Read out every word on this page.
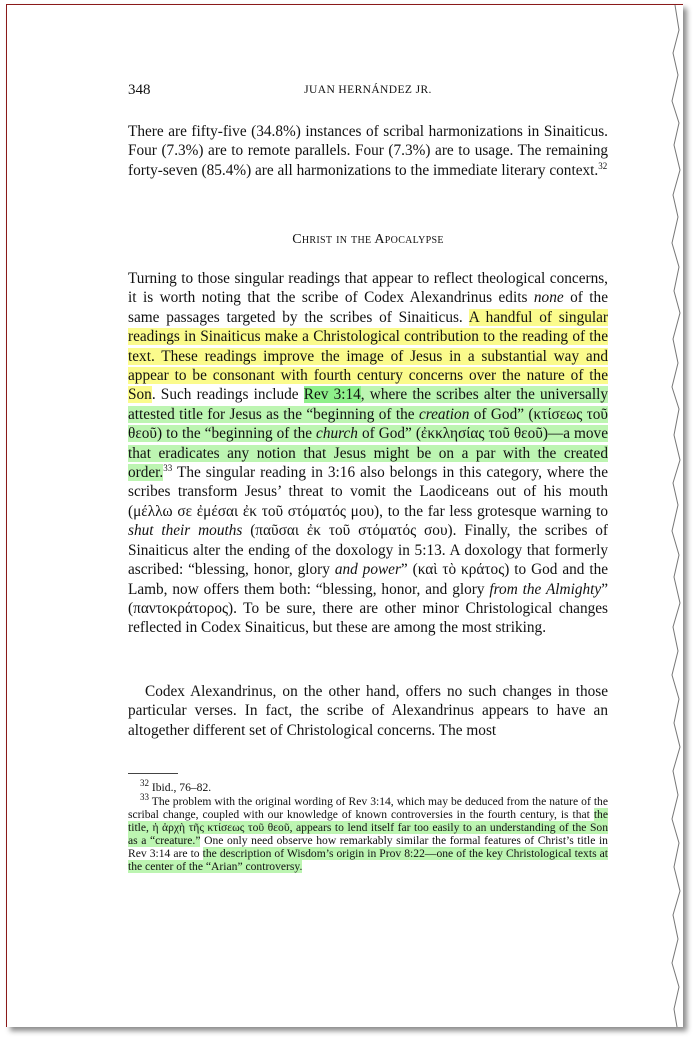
348	JUAN HERNÁNDEZ JR.

There are fifty-five (34.8%) instances of scribal harmonizations in Sinaiticus. Four (7.3%) are to remote parallels. Four (7.3%) are to usage. The remaining forty-seven (85.4%) are all harmonizations to the immediate literary context.$^{32}$

Christ in the Apocalypse

Turning to those singular readings that appear to reflect theological concerns, it is worth noting that the scribe of Codex Alexandrinus edits none of the same passages targeted by the scribes of Sinaiticus. A handful of singular readings in Sinaiticus make a Christological contribution to the reading of the text. These readings improve the image of Jesus in a substantial way and appear to be consonant with fourth century concerns over the nature of the Son. Such readings include Rev 3:14, where the scribes alter the universally attested title for Jesus as the “beginning of the creation of God” (κτίσεως τοῦ θεοῦ) to the “beginning of the church of God” (ἐκκλησίας τοῦ θεοῦ)—a move that eradicates any notion that Jesus might be on a par with the created order.$^{33}$ The singular reading in 3:16 also belongs in this category, where the scribes transform Jesus’ threat to vomit the Laodiceans out of his mouth (μέλλω σε ἐμέσαι ἐκ τοῦ στόματός μου), to the far less grotesque warning to shut their mouths (παῦσαι ἐκ τοῦ στόματός σου). Finally, the scribes of Sinaiticus alter the ending of the doxology in 5:13. A doxology that formerly ascribed: “blessing, honor, glory and power” (καὶ τὸ κράτος) to God and the Lamb, now offers them both: “blessing, honor, and glory from the Almighty” (παντοκράτορος). To be sure, there are other minor Christological changes reflected in Codex Sinaiticus, but these are among the most striking.

Codex Alexandrinus, on the other hand, offers no such changes in those particular verses. In fact, the scribe of Alexandrinus appears to have an altogether different set of Christological concerns. The most

$^{32}$ Ibid., 76–82.

$^{33}$ The problem with the original wording of Rev 3:14, which may be deduced from the nature of the scribal change, coupled with our knowledge of known controversies in the fourth century, is that the title, ἡ ἀρχὴ τῆς κτίσεως τοῦ θεοῦ, appears to lend itself far too easily to an understanding of the Son as a “creature.” One only need observe how remarkably similar the formal features of Christ’s title in Rev 3:14 are to the description of Wisdom’s origin in Prov 8:22—one of the key Christological texts at the center of the “Arian” controversy.
